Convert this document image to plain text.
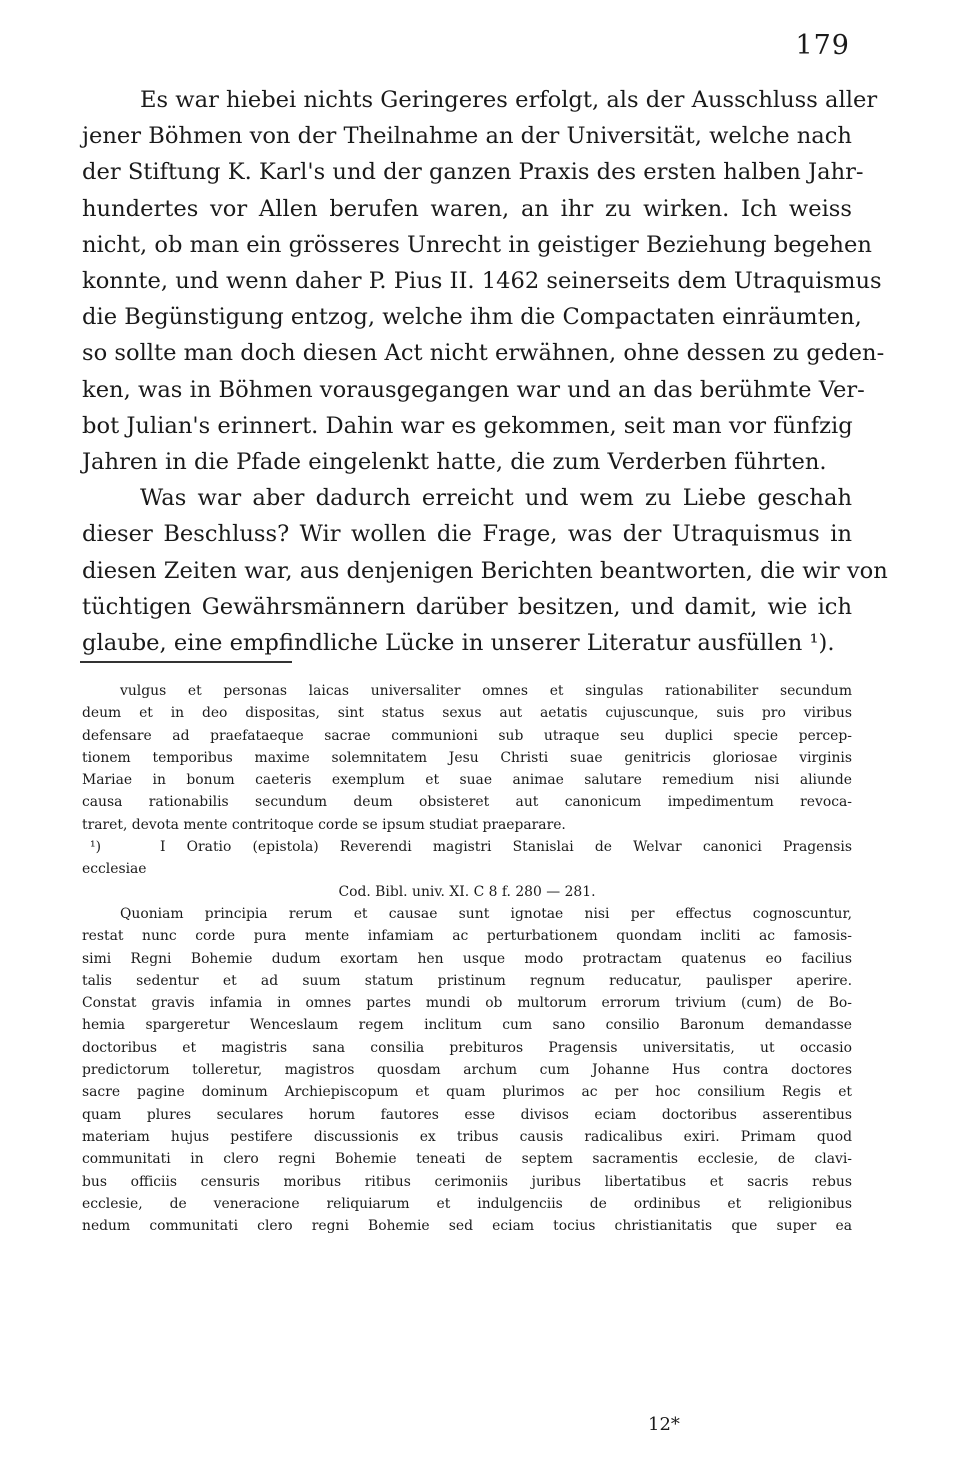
179
Es war hiebei nichts Geringeres erfolgt, als der Ausschluss aller
jener Böhmen von der Theilnahme an der Universität, welche nach
der Stiftung K. Karl's und der ganzen Praxis des ersten halben Jahr-
hundertes vor Allen berufen waren, an ihr zu wirken. Ich weiss
nicht, ob man ein grösseres Unrecht in geistiger Beziehung begehen
konnte, und wenn daher P. Pius II. 1462 seinerseits dem Utraquismus
die Begünstigung entzog, welche ihm die Compactaten einräumten,
so sollte man doch diesen Act nicht erwähnen, ohne dessen zu geden-
ken, was in Böhmen vorausgegangen war und an das berühmte Ver-
bot Julian's erinnert. Dahin war es gekommen, seit man vor fünfzig
Jahren in die Pfade eingelenkt hatte, die zum Verderben führten.
Was war aber dadurch erreicht und wem zu Liebe geschah
dieser Beschluss? Wir wollen die Frage, was der Utraquismus in
diesen Zeiten war, aus denjenigen Berichten beantworten, die wir von
tüchtigen Gewährsmännern darüber besitzen, und damit, wie ich
glaube, eine empfindliche Lücke in unserer Literatur ausfüllen ¹).
vulgus et personas laicas universaliter omnes et singulas rationabiliter secundum
deum et in deo dispositas, sint status sexus aut aetatis cujuscunque, suis pro viribus
defensare ad praefataeque sacrae communioni sub utraque seu duplici specie percep-
tionem temporibus maxime solemnitatem Jesu Christi suae genitricis gloriosae virginis
Mariae in bonum caeteris exemplum et suae animae salutare remedium nisi aliunde
causa rationabilis secundum deum obsisteret aut canonicum impedimentum revoca-
traret, devota mente contritoque corde se ipsum studiat praeparare.
¹)	I Oratio (epistola) Reverendi magistri Stanislai de Welvar canonici Pragensis
ecclesiae
Cod. Bibl. univ. XI. C 8 f. 280 — 281.
Quoniam principia rerum et causae sunt ignotae nisi per effectus cognoscuntur,
restat nunc corde pura mente infamiam ac perturbationem quondam incliti ac famosis-
simi Regni Bohemie dudum exortam hen usque modo protractam quatenus eo facilius
talis sedentur et ad suum statum pristinum regnum reducatur, paulisper aperire.
Constat gravis infamia in omnes partes mundi ob multorum errorum trivium (cum) de Bo-
hemia spargeretur Wenceslaum regem inclitum cum sano consilio Baronum demandasse
doctoribus et magistris sana consilia prebituros Pragensis universitatis, ut occasio
predictorum tolleretur, magistros quosdam archum cum Johanne Hus contra doctores
sacre pagine dominum Archiepiscopum et quam plurimos ac per hoc consilium Regis et
quam plures seculares horum fautores esse divisos eciam doctoribus asserentibus
materiam hujus pestifere discussionis ex tribus causis radicalibus exiri. Primam quod
communitati in clero regni Bohemie teneati de septem sacramentis ecclesie, de clavi-
bus officiis censuris moribus ritibus cerimoniis juribus libertatibus et sacris rebus
ecclesie, de veneracione reliquiarum et indulgenciis de ordinibus et religionibus
nedum communitati clero regni Bohemie sed eciam tocius christianitatis que super ea
12*
